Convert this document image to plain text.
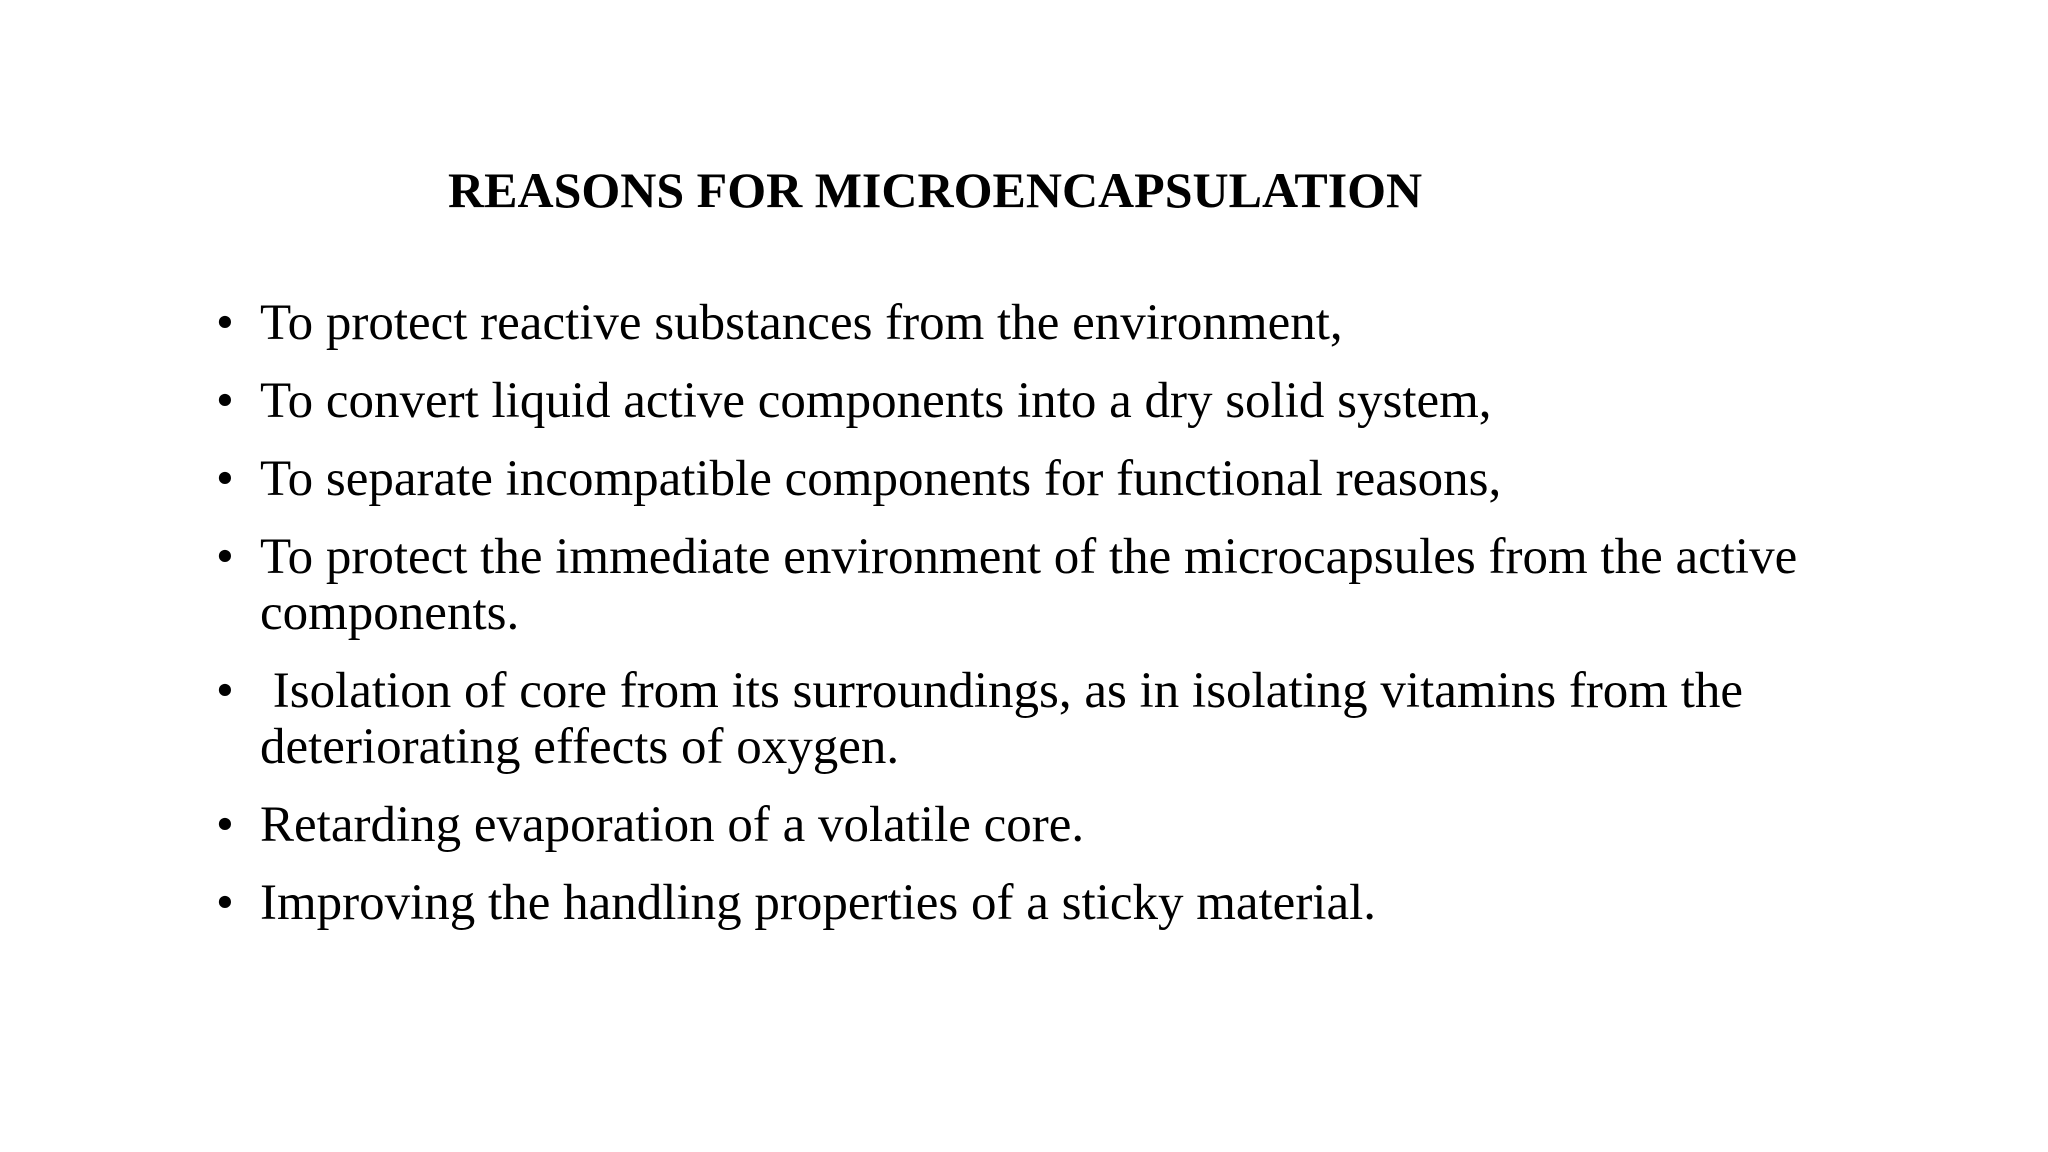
REASONS FOR MICROENCAPSULATION
• To protect reactive substances from the environment,
• To convert liquid active components into a dry solid system,
• To separate incompatible components for functional reasons,
• To protect the immediate environment of the microcapsules from the active components.
• Isolation of core from its surroundings, as in isolating vitamins from the deteriorating effects of oxygen.
• Retarding evaporation of a volatile core.
• Improving the handling properties of a sticky material.
